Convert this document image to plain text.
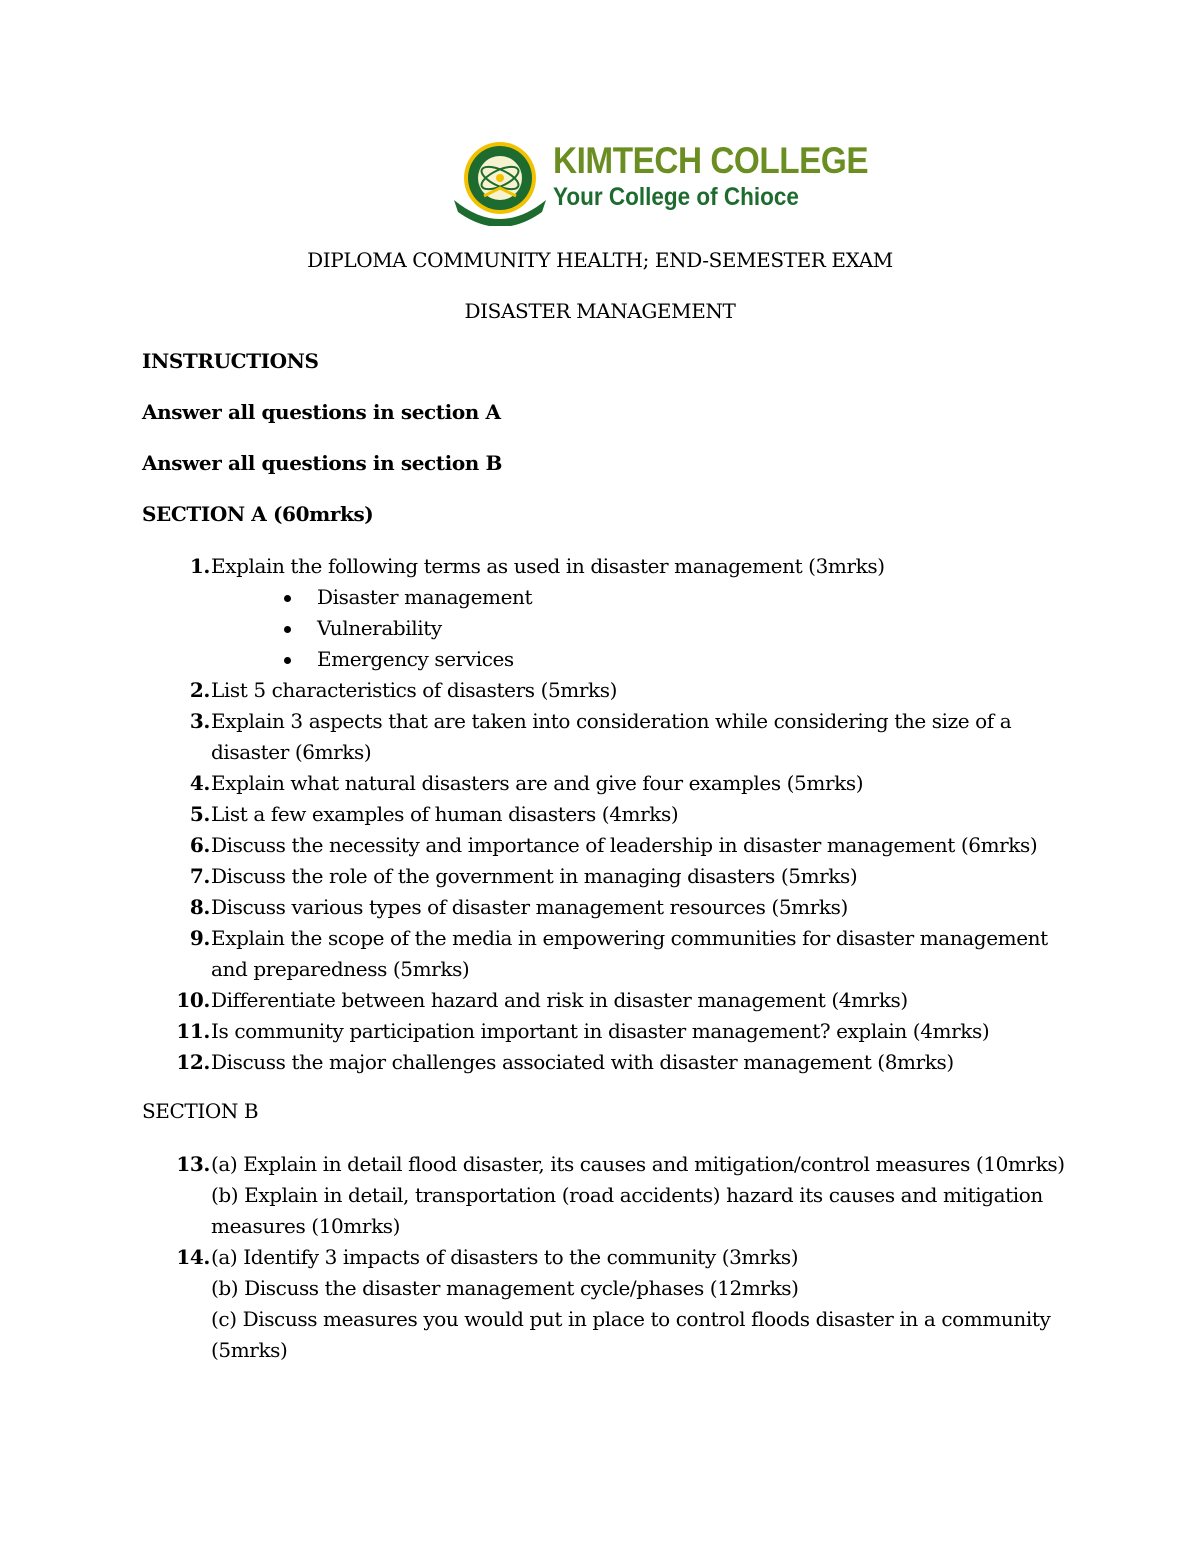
KIMTECH COLLEGE
Your College of Chioce
DIPLOMA COMMUNITY HEALTH; END-SEMESTER EXAM
DISASTER MANAGEMENT
INSTRUCTIONS
Answer all questions in section A
Answer all questions in section B
SECTION A (60mrks)
1. Explain the following terms as used in disaster management (3mrks)
Disaster management
Vulnerability
Emergency services
2. List 5 characteristics of disasters (5mrks)
3. Explain 3 aspects that are taken into consideration while considering the size of a disaster (6mrks)
4. Explain what natural disasters are and give four examples (5mrks)
5. List a few examples of human disasters (4mrks)
6. Discuss the necessity and importance of leadership in disaster management (6mrks)
7. Discuss the role of the government in managing disasters (5mrks)
8. Discuss various types of disaster management resources (5mrks)
9. Explain the scope of the media in empowering communities for disaster management and preparedness (5mrks)
10. Differentiate between hazard and risk in disaster management (4mrks)
11. Is community participation important in disaster management? explain (4mrks)
12. Discuss the major challenges associated with disaster management (8mrks)
SECTION B
13. (a) Explain in detail flood disaster, its causes and mitigation/control measures (10mrks)
(b) Explain in detail, transportation (road accidents) hazard its causes and mitigation measures (10mrks)
14. (a) Identify 3 impacts of disasters to the community (3mrks)
(b) Discuss the disaster management cycle/phases (12mrks)
(c) Discuss measures you would put in place to control floods disaster in a community (5mrks)
